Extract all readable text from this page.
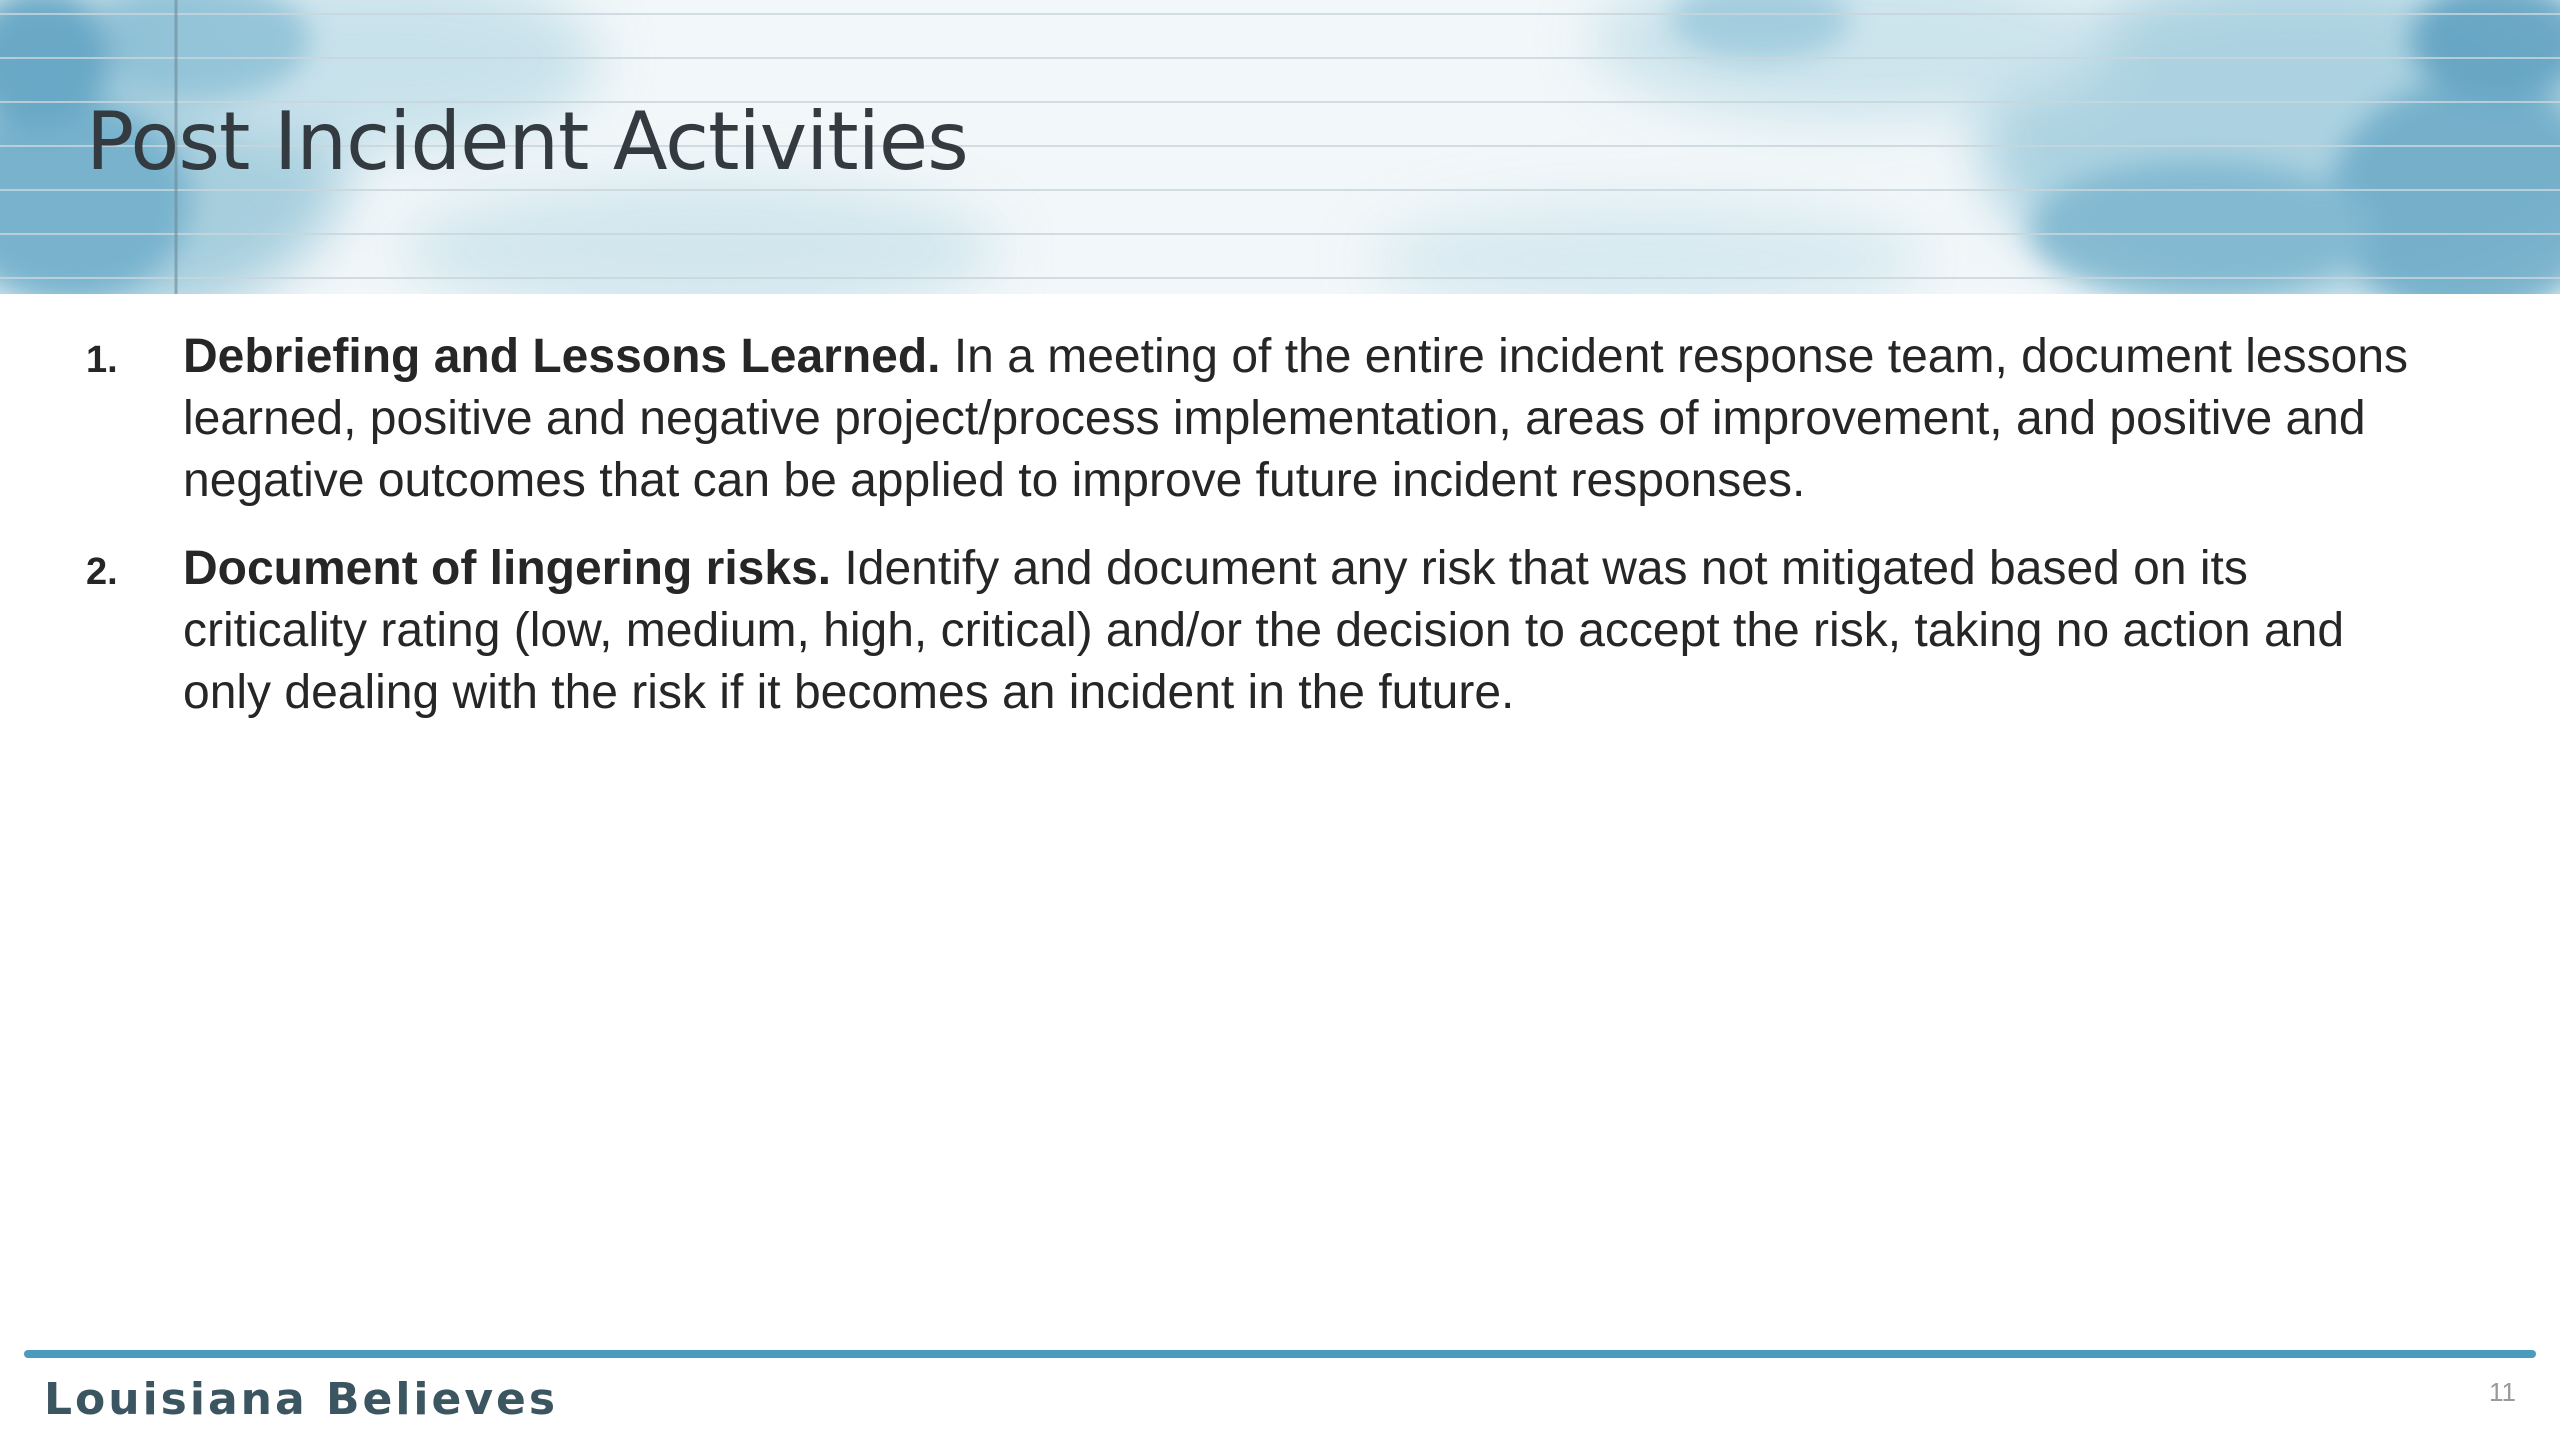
Post Incident Activities
1. Debriefing and Lessons Learned. In a meeting of the entire incident response team, document lessons learned, positive and negative project/process implementation, areas of improvement, and positive and negative outcomes that can be applied to improve future incident responses.
2. Document of lingering risks. Identify and document any risk that was not mitigated based on its criticality rating (low, medium, high, critical) and/or the decision to accept the risk, taking no action and only dealing with the risk if it becomes an incident in the future.
Louisiana Believes	11
